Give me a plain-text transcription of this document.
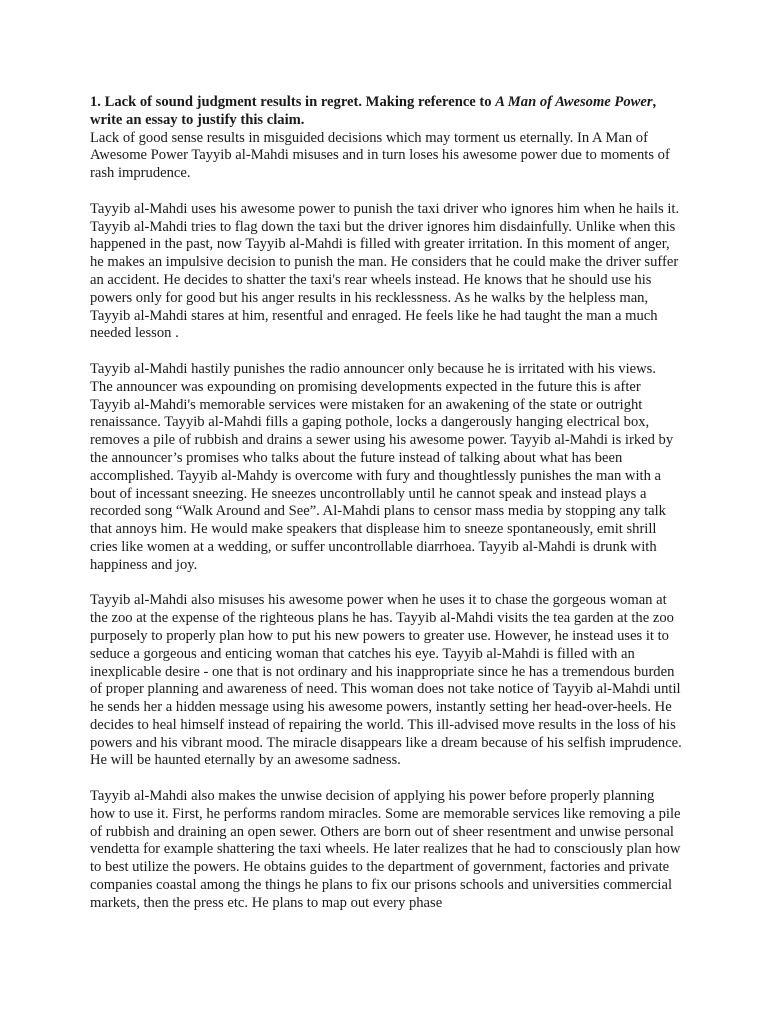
1. Lack of sound judgment results in regret. Making reference to A Man of Awesome Power, write an essay to justify this claim.

Lack of good sense results in misguided decisions which may torment us eternally. In A Man of Awesome Power Tayyib al-Mahdi misuses and in turn loses his awesome power due to moments of rash imprudence.

Tayyib al-Mahdi uses his awesome power to punish the taxi driver who ignores him when he hails it. Tayyib al-Mahdi tries to flag down the taxi but the driver ignores him disdainfully. Unlike when this happened in the past, now Tayyib al-Mahdi is filled with greater irritation. In this moment of anger, he makes an impulsive decision to punish the man. He considers that he could make the driver suffer an accident. He decides to shatter the taxi's rear wheels instead. He knows that he should use his powers only for good but his anger results in his recklessness. As he walks by the helpless man, Tayyib al-Mahdi stares at him, resentful and enraged. He feels like he had taught the man a much needed lesson .

Tayyib al-Mahdi hastily punishes the radio announcer only because he is irritated with his views. The announcer was expounding on promising developments expected in the future this is after Tayyib al-Mahdi's memorable services were mistaken for an awakening of the state or outright renaissance. Tayyib al-Mahdi fills a gaping pothole, locks a dangerously hanging electrical box, removes a pile of rubbish and drains a sewer using his awesome power. Tayyib al-Mahdi is irked by the announcer’s promises who talks about the future instead of talking about what has been accomplished. Tayyib al-Mahdy is overcome with fury and thoughtlessly punishes the man with a bout of incessant sneezing. He sneezes uncontrollably until he cannot speak and instead plays a recorded song “Walk Around and See”. Al-Mahdi plans to censor mass media by stopping any talk that annoys him. He would make speakers that displease him to sneeze spontaneously, emit shrill cries like women at a wedding, or suffer uncontrollable diarrhoea. Tayyib al-Mahdi is drunk with happiness and joy.

Tayyib al-Mahdi also misuses his awesome power when he uses it to chase the gorgeous woman at the zoo at the expense of the righteous plans he has. Tayyib al-Mahdi visits the tea garden at the zoo purposely to properly plan how to put his new powers to greater use. However, he instead uses it to seduce a gorgeous and enticing woman that catches his eye. Tayyib al-Mahdi is filled with an inexplicable desire - one that is not ordinary and his inappropriate since he has a tremendous burden of proper planning and awareness of need. This woman does not take notice of Tayyib al-Mahdi until he sends her a hidden message using his awesome powers, instantly setting her head-over-heels. He decides to heal himself instead of repairing the world. This ill-advised move results in the loss of his powers and his vibrant mood. The miracle disappears like a dream because of his selfish imprudence. He will be haunted eternally by an awesome sadness.

Tayyib al-Mahdi also makes the unwise decision of applying his power before properly planning how to use it. First, he performs random miracles. Some are memorable services like removing a pile of rubbish and draining an open sewer. Others are born out of sheer resentment and unwise personal vendetta for example shattering the taxi wheels. He later realizes that he had to consciously plan how to best utilize the powers. He obtains guides to the department of government, factories and private companies coastal among the things he plans to fix our prisons schools and universities commercial markets, then the press etc. He plans to map out every phase
